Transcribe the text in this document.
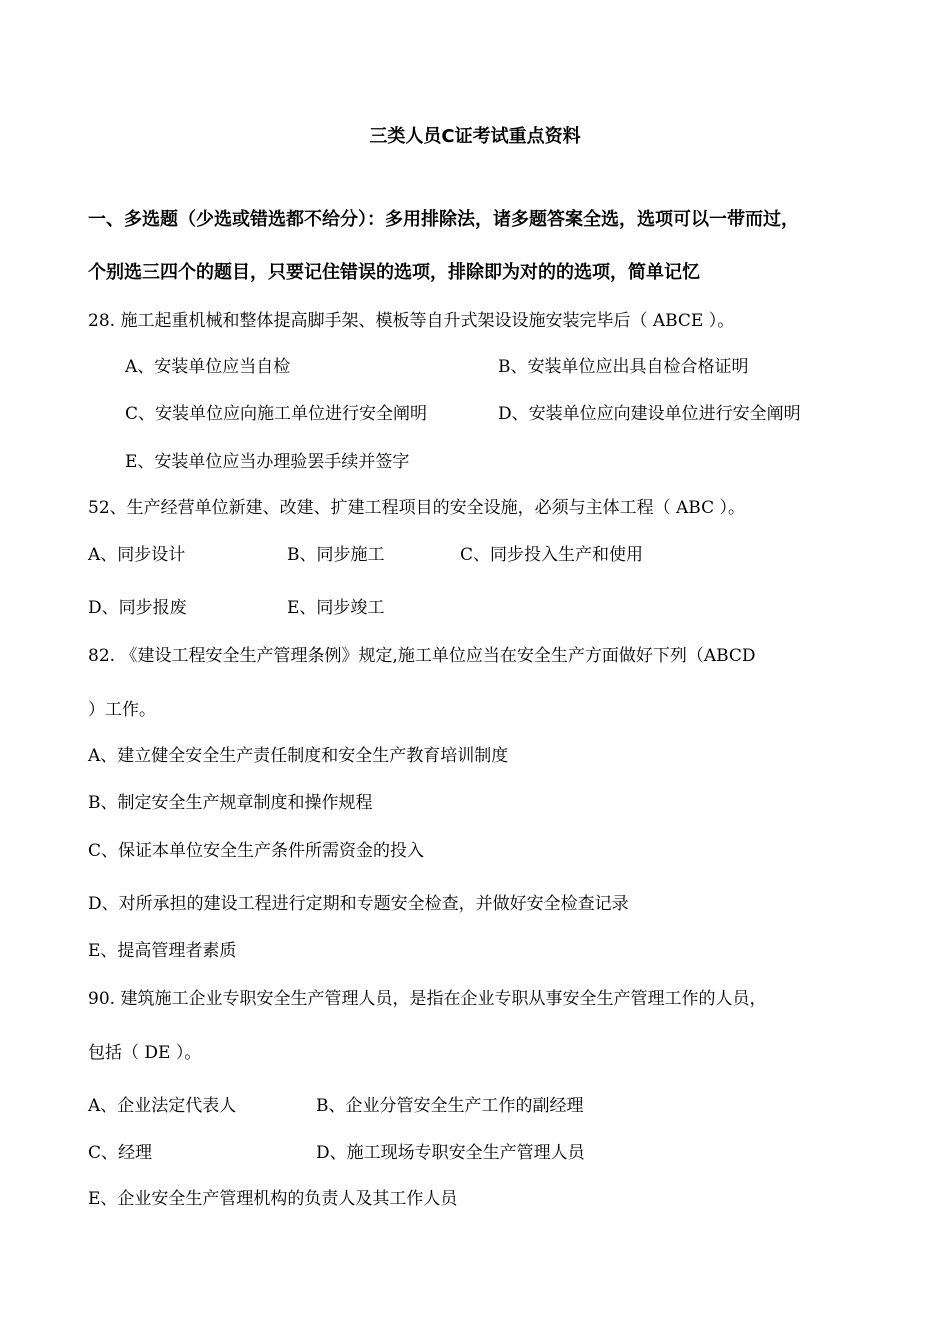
三类人员C证考试重点资料
一、多选题（少选或错选都不给分）：多用排除法，诸多题答案全选，选项可以一带而过，
个别选三四个的题目，只要记住错误的选项，排除即为对的的选项，简单记忆
28. 施工起重机械和整体提高脚手架、模板等自升式架设设施安装完毕后（ ABCE ）。
A、安装单位应当自检	B、安装单位应出具自检合格证明
C、安装单位应向施工单位进行安全阐明	D、安装单位应向建设单位进行安全阐明
E、安装单位应当办理验罢手续并签字
52、生产经营单位新建、改建、扩建工程项目的安全设施，必须与主体工程（ ABC ）。
A、同步设计	B、同步施工	C、同步投入生产和使用
D、同步报废	E、同步竣工
82. 《建设工程安全生产管理条例》规定,施工单位应当在安全生产方面做好下列（ABCD
）工作。
A、建立健全安全生产责任制度和安全生产教育培训制度
B、制定安全生产规章制度和操作规程
C、保证本单位安全生产条件所需资金的投入
D、对所承担的建设工程进行定期和专题安全检查，并做好安全检查记录
E、提高管理者素质
90. 建筑施工企业专职安全生产管理人员，是指在企业专职从事安全生产管理工作的人员，
包括（ DE ）。
A、企业法定代表人	B、企业分管安全生产工作的副经理
C、经理	D、施工现场专职安全生产管理人员
E、企业安全生产管理机构的负责人及其工作人员
